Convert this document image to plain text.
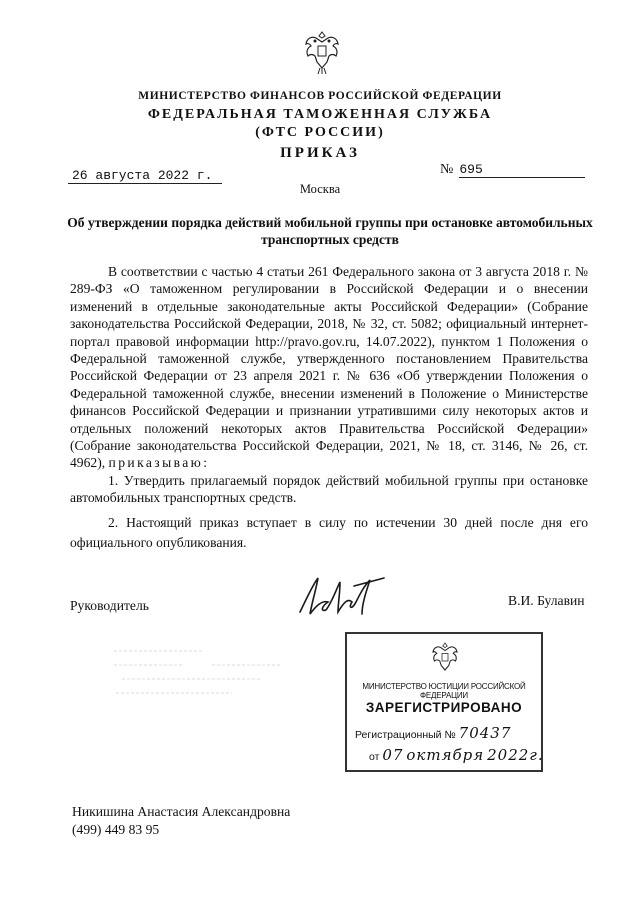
МИНИСТЕРСТВО ФИНАНСОВ РОССИЙСКОЙ ФЕДЕРАЦИИ
ФЕДЕРАЛЬНАЯ ТАМОЖЕННАЯ СЛУЖБА
(ФТС РОССИИ)
ПРИКАЗ
26 августа 2022 г.	№ 695
Москва
Об утверждении порядка действий мобильной группы при остановке автомобильных транспортных средств

В соответствии с частью 4 статьи 261 Федерального закона от 3 августа 2018 г. № 289-ФЗ «О таможенном регулировании в Российской Федерации и о внесении изменений в отдельные законодательные акты Российской Федерации» (Собрание законодательства Российской Федерации, 2018, № 32, ст. 5082; официальный интернет-портал правовой информации http://pravo.gov.ru, 14.07.2022), пунктом 1 Положения о Федеральной таможенной службе, утвержденного постановлением Правительства Российской Федерации от 23 апреля 2021 г. № 636 «Об утверждении Положения о Федеральной таможенной службе, внесении изменений в Положение о Министерстве финансов Российской Федерации и признании утратившими силу некоторых актов и отдельных положений некоторых актов Правительства Российской Федерации» (Собрание законодательства Российской Федерации, 2021, № 18, ст. 3146, № 26, ст. 4962), приказываю:

1. Утвердить прилагаемый порядок действий мобильной группы при остановке автомобильных транспортных средств.

2. Настоящий приказ вступает в силу по истечении 30 дней после дня его официального опубликования.

Руководитель	В.И. Булавин
МИНИСТЕРСТВО ЮСТИЦИИ РОССИЙСКОЙ ФЕДЕРАЦИИ
ЗАРЕГИСТРИРОВАНО
Регистрационный № 70437
от 07 октября 2022г.
Никишина Анастасия Александровна
(499) 449 83 95
